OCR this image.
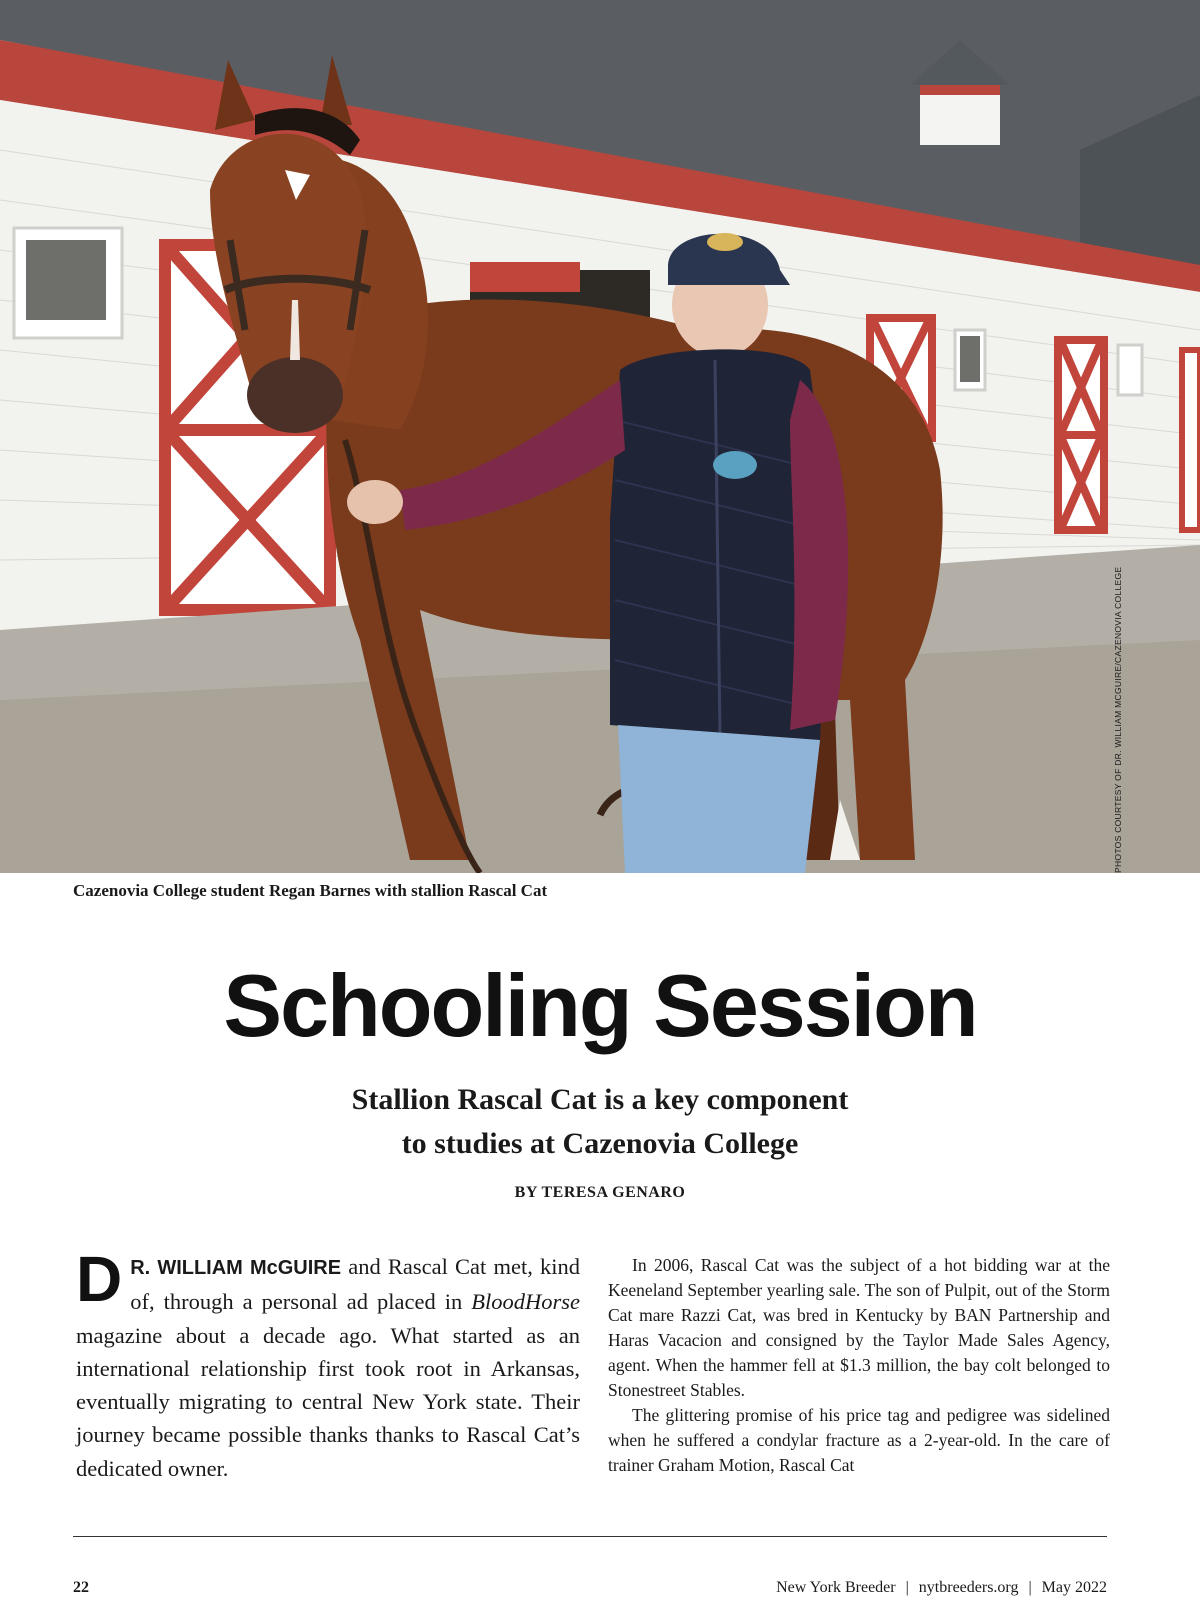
PHOTOS COURTESY OF DR. WILLIAM MCGUIRE/CAZENOVIA COLLEGE
Cazenovia College student Regan Barnes with stallion Rascal Cat
Schooling Session
Stallion Rascal Cat is a key component
to studies at Cazenovia College
BY TERESA GENARO
D R. WILLIAM McGUIRE and Rascal Cat met, kind of, through a personal ad placed in BloodHorse magazine about a decade ago. What started as an international relationship first took root in Arkansas, eventually migrating to central New York state. Their journey became possible thanks thanks to Rascal Cat’s dedicated owner.

In 2006, Rascal Cat was the subject of a hot bidding war at the Keeneland September yearling sale. The son of Pulpit, out of the Storm Cat mare Razzi Cat, was bred in Kentucky by BAN Partnership and Haras Vacacion and consigned by the Taylor Made Sales Agency, agent. When the hammer fell at $1.3 million, the bay colt belonged to Stonestreet Stables.

The glittering promise of his price tag and pedigree was sidelined when he suffered a condylar fracture as a 2-year-old. In the care of trainer Graham Motion, Rascal Cat

22	New York Breeder | nytbreeders.org | May 2022
